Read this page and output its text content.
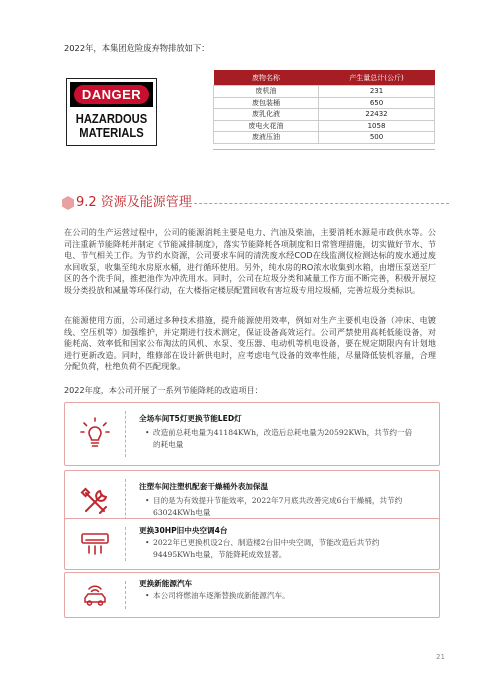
2022年，本集团危险废弃物排放如下：
DANGER
HAZARDOUS
MATERIALS
废物名称	产生量总计(公斤)
废机油	231
废包装桶	650
废乳化液	22432
废电火花油	1058
废液压油	500
9.2 资源及能源管理
在公司的生产运营过程中，公司的能源消耗主要是电力、汽油及柴油，主要消耗水源是市政供水等。公司注重新节能降耗并制定《节能减排制度》，落实节能降耗各项制度和日常管理措施，切实做好节水、节电、节气相关工作。为节约水资源，公司要求车间的清洗废水经COD在线监测仪检测达标的废水通过废水回收泵，收集至纯水房原水桶，进行循环使用。另外，纯水房的RO浓水收集到水箱，由增压泵送至厂区的各个洗手间，推把池作为冲洗用水。同时，公司在垃圾分类和减量工作方面不断完善，积极开展垃圾分类投放和减量等环保行动，在大楼指定楼层配置回收有害垃圾专用垃圾桶，完善垃圾分类标识。
在能源使用方面，公司通过多种技术措施，提升能源使用效率，例如对生产主要机电设备（冲床、电镀线、空压机等）加强维护，并定期进行技术测定，保证设备高效运行。公司严禁使用高耗低能设备，对能耗高、效率低和国家公布淘汰的风机、水泵、变压器、电动机等机电设备，要在规定期限内有计划地进行更新改造。同时，维修部在设计新供电时，应考虑电气设备的效率性能，尽量降低装机容量，合理分配负荷，杜绝负荷不匹配现象。
2022年度，本公司开展了一系列节能降耗的改造项目：
全场车间T5灯更换节能LED灯
• 改造前总耗电量为41184KWh，改造后总耗电量为20592KWh，共节约一倍的耗电量
注塑车间注塑机配套干燥桶外表加保温
• 目的是为有效提升节能效率，2022年7月底共改善完成6台干燥桶，共节约63024KWh电量
更换30HP旧中央空调4台
• 2022年已更换机设2台、制造楼2台旧中央空调，节能改造后共节约94495KWh电量，节能降耗成效显著。
更换新能源汽车
• 本公司将燃油车逐渐替换成新能源汽车。
21
